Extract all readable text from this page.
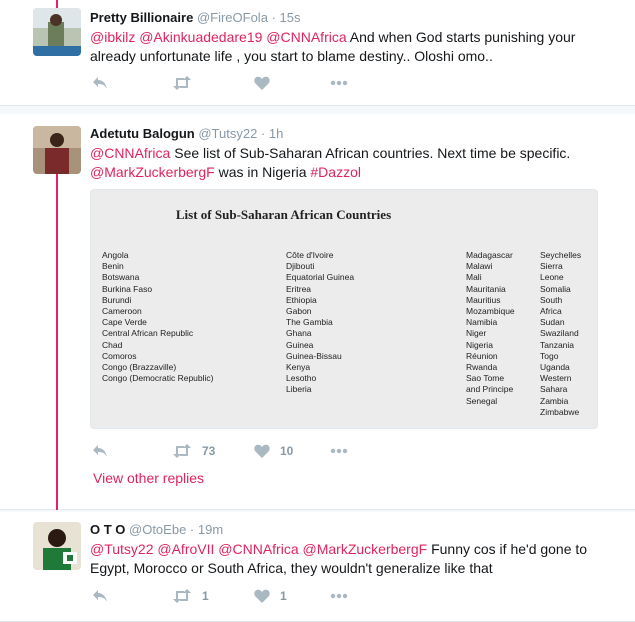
Pretty Billionaire @FireOFola · 15s
@ibkilz @Akinkuadedare19 @CNNAfrica And when God starts punishing your already unfortunate life , you start to blame destiny.. Oloshi omo..
Adetutu Balogun @Tutsy22 · 1h
@CNNAfrica See list of Sub-Saharan African countries. Next time be specific. @MarkZuckerbergF was in Nigeria #Dazzol
List of Sub-Saharan African Countries
Angola
Benin
Botswana
Burkina Faso
Burundi
Cameroon
Cape Verde
Central African Republic
Chad
Comoros
Congo (Brazzaville)
Congo (Democratic Republic)
Côte d'Ivoire
Djibouti
Equatorial Guinea
Eritrea
Ethiopia
Gabon
The Gambia
Ghana
Guinea
Guinea-Bissau
Kenya
Lesotho
Liberia
Madagascar
Malawi
Mali
Mauritania
Mauritius
Mozambique
Namibia
Niger
Nigeria
Réunion
Rwanda
Sao Tome
and Principe
Senegal
Seychelles
Sierra
Leone
Somalia
South
Africa
Sudan
Swaziland
Tanzania
Togo
Uganda
Western
Sahara
Zambia
Zimbabwe
73	10
View other replies
O T O @OtoEbe · 19m
@Tutsy22 @AfroVII @CNNAfrica @MarkZuckerbergF Funny cos if he'd gone to Egypt, Morocco or South Africa, they wouldn't generalize like that
1	1
